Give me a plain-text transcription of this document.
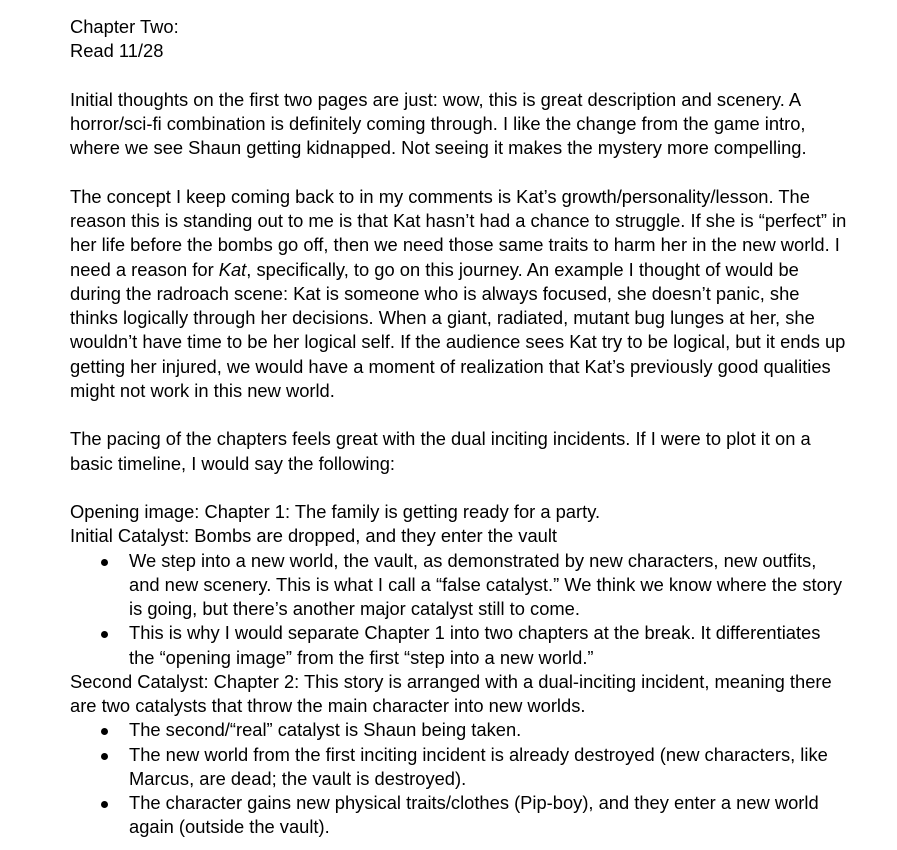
Chapter Two:

Read 11/28

Initial thoughts on the first two pages are just: wow, this is great description and scenery. A horror/sci-fi combination is definitely coming through. I like the change from the game intro, where we see Shaun getting kidnapped. Not seeing it makes the mystery more compelling.

The concept I keep coming back to in my comments is Kat’s growth/personality/lesson. The reason this is standing out to me is that Kat hasn’t had a chance to struggle. If she is “perfect” in her life before the bombs go off, then we need those same traits to harm her in the new world. I need a reason for Kat, specifically, to go on this journey. An example I thought of would be during the radroach scene: Kat is someone who is always focused, she doesn’t panic, she thinks logically through her decisions. When a giant, radiated, mutant bug lunges at her, she wouldn’t have time to be her logical self. If the audience sees Kat try to be logical, but it ends up getting her injured, we would have a moment of realization that Kat’s previously good qualities might not work in this new world.

The pacing of the chapters feels great with the dual inciting incidents. If I were to plot it on a basic timeline, I would say the following:

Opening image: Chapter 1: The family is getting ready for a party.

Initial Catalyst: Bombs are dropped, and they enter the vault

We step into a new world, the vault, as demonstrated by new characters, new outfits, and new scenery. This is what I call a “false catalyst.” We think we know where the story is going, but there’s another major catalyst still to come.
This is why I would separate Chapter 1 into two chapters at the break. It differentiates the “opening image” from the first “step into a new world.”

Second Catalyst: Chapter 2: This story is arranged with a dual-inciting incident, meaning there are two catalysts that throw the main character into new worlds.

The second/“real” catalyst is Shaun being taken.
The new world from the first inciting incident is already destroyed (new characters, like Marcus, are dead; the vault is destroyed).
The character gains new physical traits/clothes (Pip-boy), and they enter a new world again (outside the vault).
